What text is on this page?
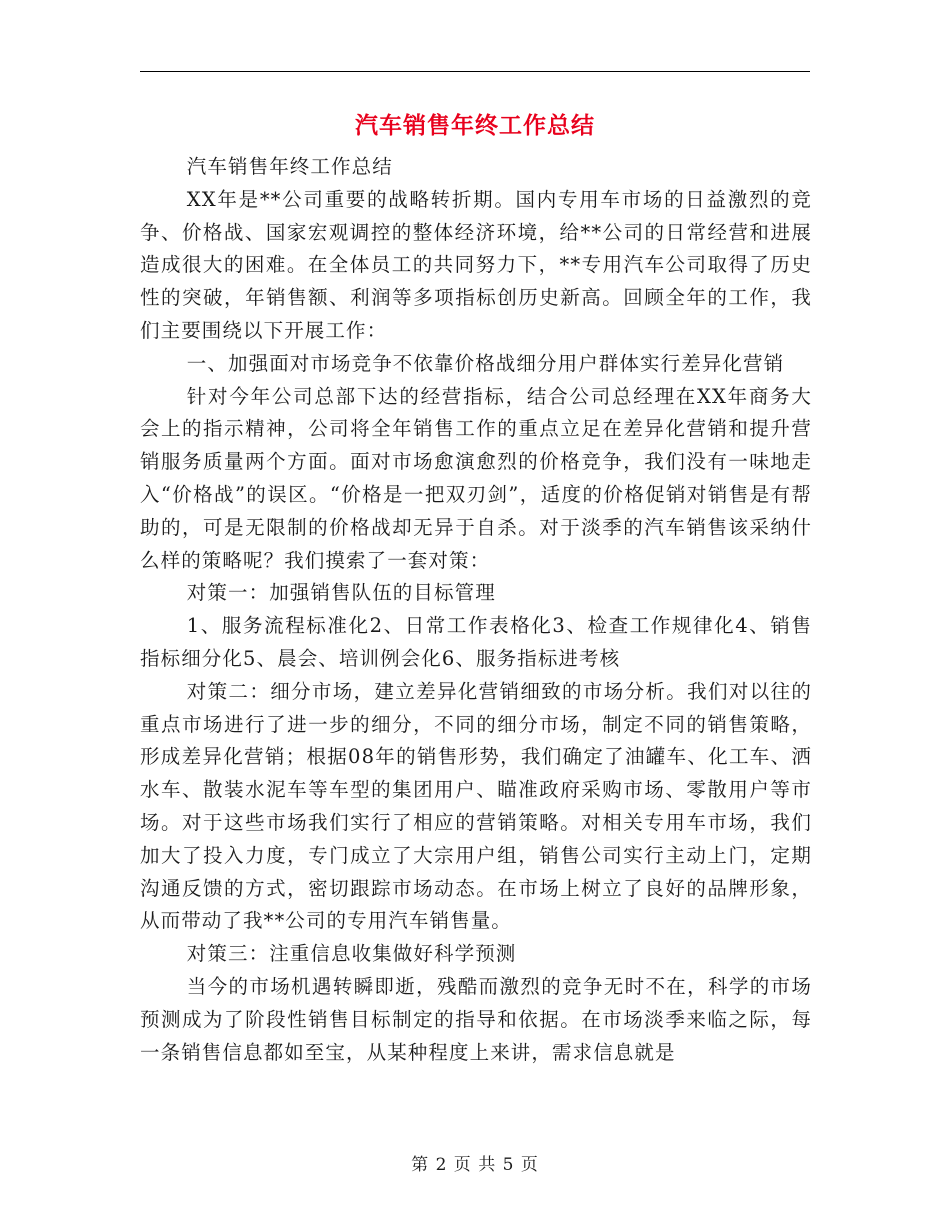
汽车销售年终工作总结

汽车销售年终工作总结

XX年是**公司重要的战略转折期。国内专用车市场的日益激烈的竞争、价格战、国家宏观调控的整体经济环境，给**公司的日常经营和进展造成很大的困难。在全体员工的共同努力下，**专用汽车公司取得了历史性的突破，年销售额、利润等多项指标创历史新高。回顾全年的工作，我们主要围绕以下开展工作：

一、加强面对市场竞争不依靠价格战细分用户群体实行差异化营销

针对今年公司总部下达的经营指标，结合公司总经理在XX年商务大会上的指示精神，公司将全年销售工作的重点立足在差异化营销和提升营销服务质量两个方面。面对市场愈演愈烈的价格竞争，我们没有一味地走入“价格战”的误区。“价格是一把双刃剑”，适度的价格促销对销售是有帮助的，可是无限制的价格战却无异于自杀。对于淡季的汽车销售该采纳什么样的策略呢？我们摸索了一套对策：

对策一：加强销售队伍的目标管理

1、服务流程标准化2、日常工作表格化3、检查工作规律化4、销售指标细分化5、晨会、培训例会化6、服务指标进考核

对策二：细分市场，建立差异化营销细致的市场分析。我们对以往的重点市场进行了进一步的细分，不同的细分市场，制定不同的销售策略，形成差异化营销；根据08年的销售形势，我们确定了油罐车、化工车、洒水车、散装水泥车等车型的集团用户、瞄准政府采购市场、零散用户等市场。对于这些市场我们实行了相应的营销策略。对相关专用车市场，我们加大了投入力度，专门成立了大宗用户组，销售公司实行主动上门，定期沟通反馈的方式，密切跟踪市场动态。在市场上树立了良好的品牌形象，从而带动了我**公司的专用汽车销售量。

对策三：注重信息收集做好科学预测

当今的市场机遇转瞬即逝，残酷而激烈的竞争无时不在，科学的市场预测成为了阶段性销售目标制定的指导和依据。在市场淡季来临之际，每一条销售信息都如至宝，从某种程度上来讲，需求信息就是

第 2 页 共 5 页
